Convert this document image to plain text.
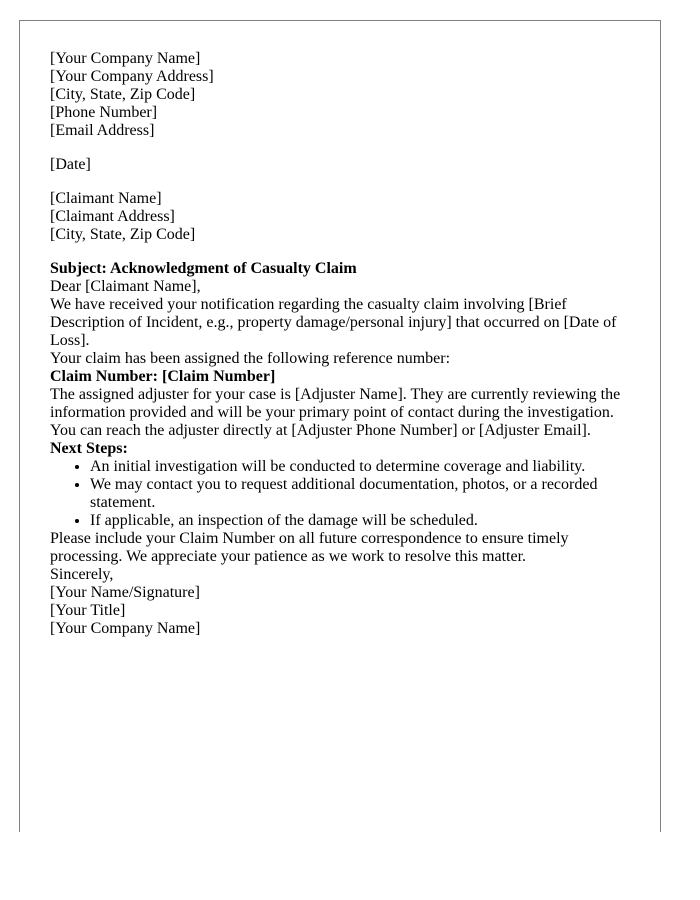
[Your Company Name]
[Your Company Address]
[City, State, Zip Code]
[Phone Number]
[Email Address]
[Date]
[Claimant Name]
[Claimant Address]
[City, State, Zip Code]

Subject: Acknowledgment of Casualty Claim

Dear [Claimant Name],

We have received your notification regarding the casualty claim involving [Brief Description of Incident, e.g., property damage/personal injury] that occurred on [Date of Loss].

Your claim has been assigned the following reference number:

Claim Number: [Claim Number]

The assigned adjuster for your case is [Adjuster Name]. They are currently reviewing the information provided and will be your primary point of contact during the investigation. You can reach the adjuster directly at [Adjuster Phone Number] or [Adjuster Email].

Next Steps:

• An initial investigation will be conducted to determine coverage and liability.
• We may contact you to request additional documentation, photos, or a recorded statement.
• If applicable, an inspection of the damage will be scheduled.

Please include your Claim Number on all future correspondence to ensure timely processing. We appreciate your patience as we work to resolve this matter.

Sincerely,

[Your Name/Signature]
[Your Title]
[Your Company Name]
